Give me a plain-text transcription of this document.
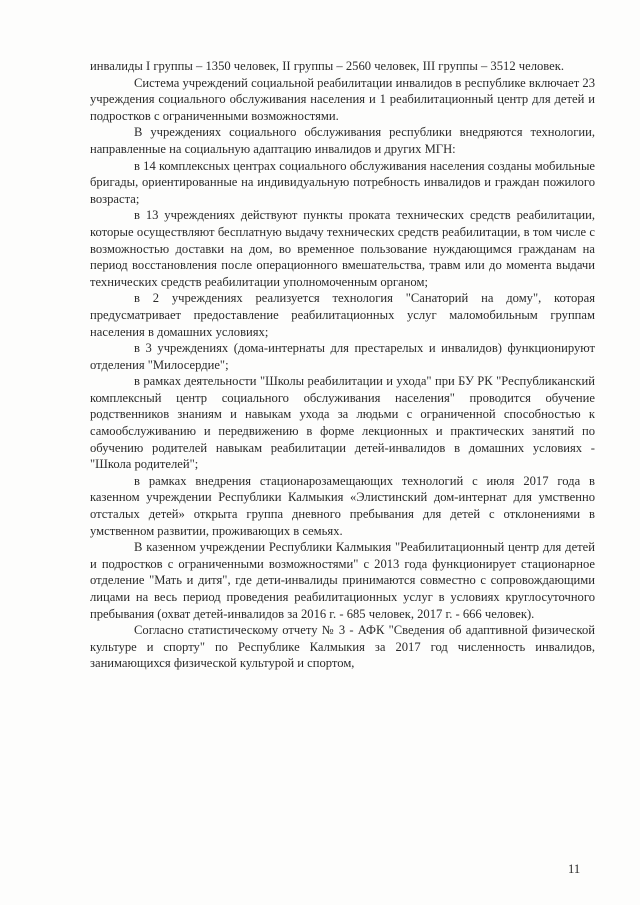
инвалиды I группы – 1350 человек, II группы – 2560 человек, III группы – 3512 человек.

Система учреждений социальной реабилитации инвалидов в республике включает 23 учреждения социального обслуживания населения и 1 реабилитационный центр для детей и подростков с ограниченными возможностями.

В учреждениях социального обслуживания республики внедряются технологии, направленные на социальную адаптацию инвалидов и других МГН:

в 14 комплексных центрах социального обслуживания населения созданы мобильные бригады, ориентированные на индивидуальную потребность инвалидов и граждан пожилого возраста;

в 13 учреждениях действуют пункты проката технических средств реабилитации, которые осуществляют бесплатную выдачу технических средств реабилитации, в том числе с возможностью доставки на дом, во временное пользование нуждающимся гражданам на период восстановления после операционного вмешательства, травм или до момента выдачи технических средств реабилитации уполномоченным органом;

в 2 учреждениях реализуется технология "Санаторий на дому", которая предусматривает предоставление реабилитационных услуг маломобильным группам населения в домашних условиях;

в 3 учреждениях (дома-интернаты для престарелых и инвалидов) функционируют отделения "Милосердие";

в рамках деятельности "Школы реабилитации и ухода" при БУ РК "Республиканский комплексный центр социального обслуживания населения" проводится обучение родственников знаниям и навыкам ухода за людьми с ограниченной способностью к самообслуживанию и передвижению в форме лекционных и практических занятий по обучению родителей навыкам реабилитации детей-инвалидов в домашних условиях - "Школа родителей";

в рамках внедрения стационарозамещающих технологий с июля 2017 года в казенном учреждении Республики Калмыкия «Элистинский дом-интернат для умственно отсталых детей» открыта группа дневного пребывания для детей с отклонениями в умственном развитии, проживающих в семьях.

В казенном учреждении Республики Калмыкия "Реабилитационный центр для детей и подростков с ограниченными возможностями" с 2013 года функционирует стационарное отделение "Мать и дитя", где дети-инвалиды принимаются совместно с сопровождающими лицами на весь период проведения реабилитационных услуг в условиях круглосуточного пребывания (охват детей-инвалидов за 2016 г. - 685 человек, 2017 г. - 666 человек).

Согласно статистическому отчету № 3 - АФК "Сведения об адаптивной физической культуре и спорту" по Республике Калмыкия за 2017 год численность инвалидов, занимающихся физической культурой и спортом,

11
